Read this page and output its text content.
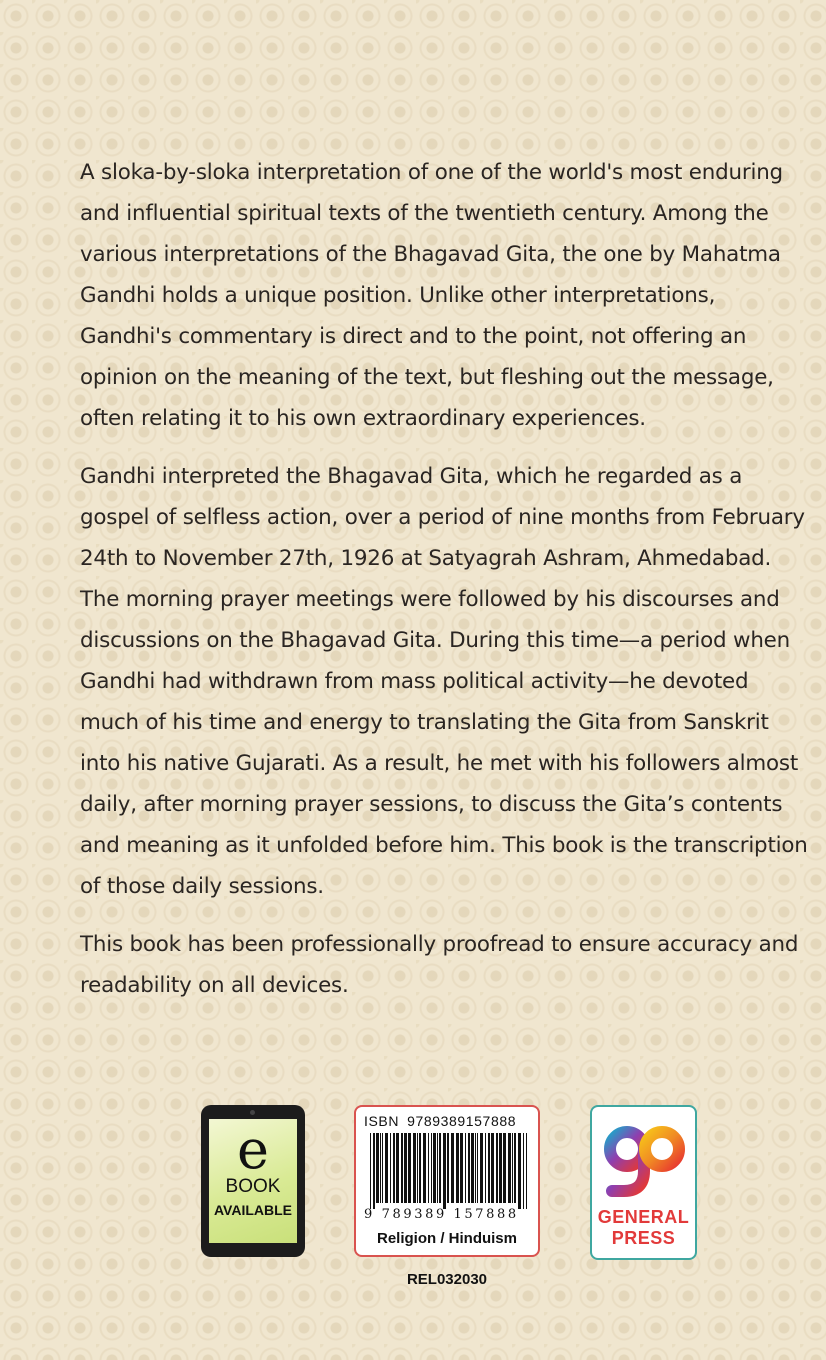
A sloka-by-sloka interpretation of one of the world's most enduring and influential spiritual texts of the twentieth century. Among the various interpretations of the Bhagavad Gita, the one by Mahatma Gandhi holds a unique position. Unlike other interpretations, Gandhi's commentary is direct and to the point, not offering an opinion on the meaning of the text, but fleshing out the message, often relating it to his own extraordinary experiences.

Gandhi interpreted the Bhagavad Gita, which he regarded as a gospel of selfless action, over a period of nine months from February 24th to November 27th, 1926 at Satyagrah Ashram, Ahmedabad. The morning prayer meetings were followed by his discourses and discussions on the Bhagavad Gita. During this time—a period when Gandhi had withdrawn from mass political activity—he devoted much of his time and energy to translating the Gita from Sanskrit into his native Gujarati. As a result, he met with his followers almost daily, after morning prayer sessions, to discuss the Gita’s contents and meaning as it unfolded before him. This book is the transcription of those daily sessions.

This book has been professionally proofread to ensure accuracy and readability on all devices.

e
BOOK
AVAILABLE
ISBN 9789389157888
9 789389 157888
Religion / Hinduism
REL032030
GENERAL
PRESS
